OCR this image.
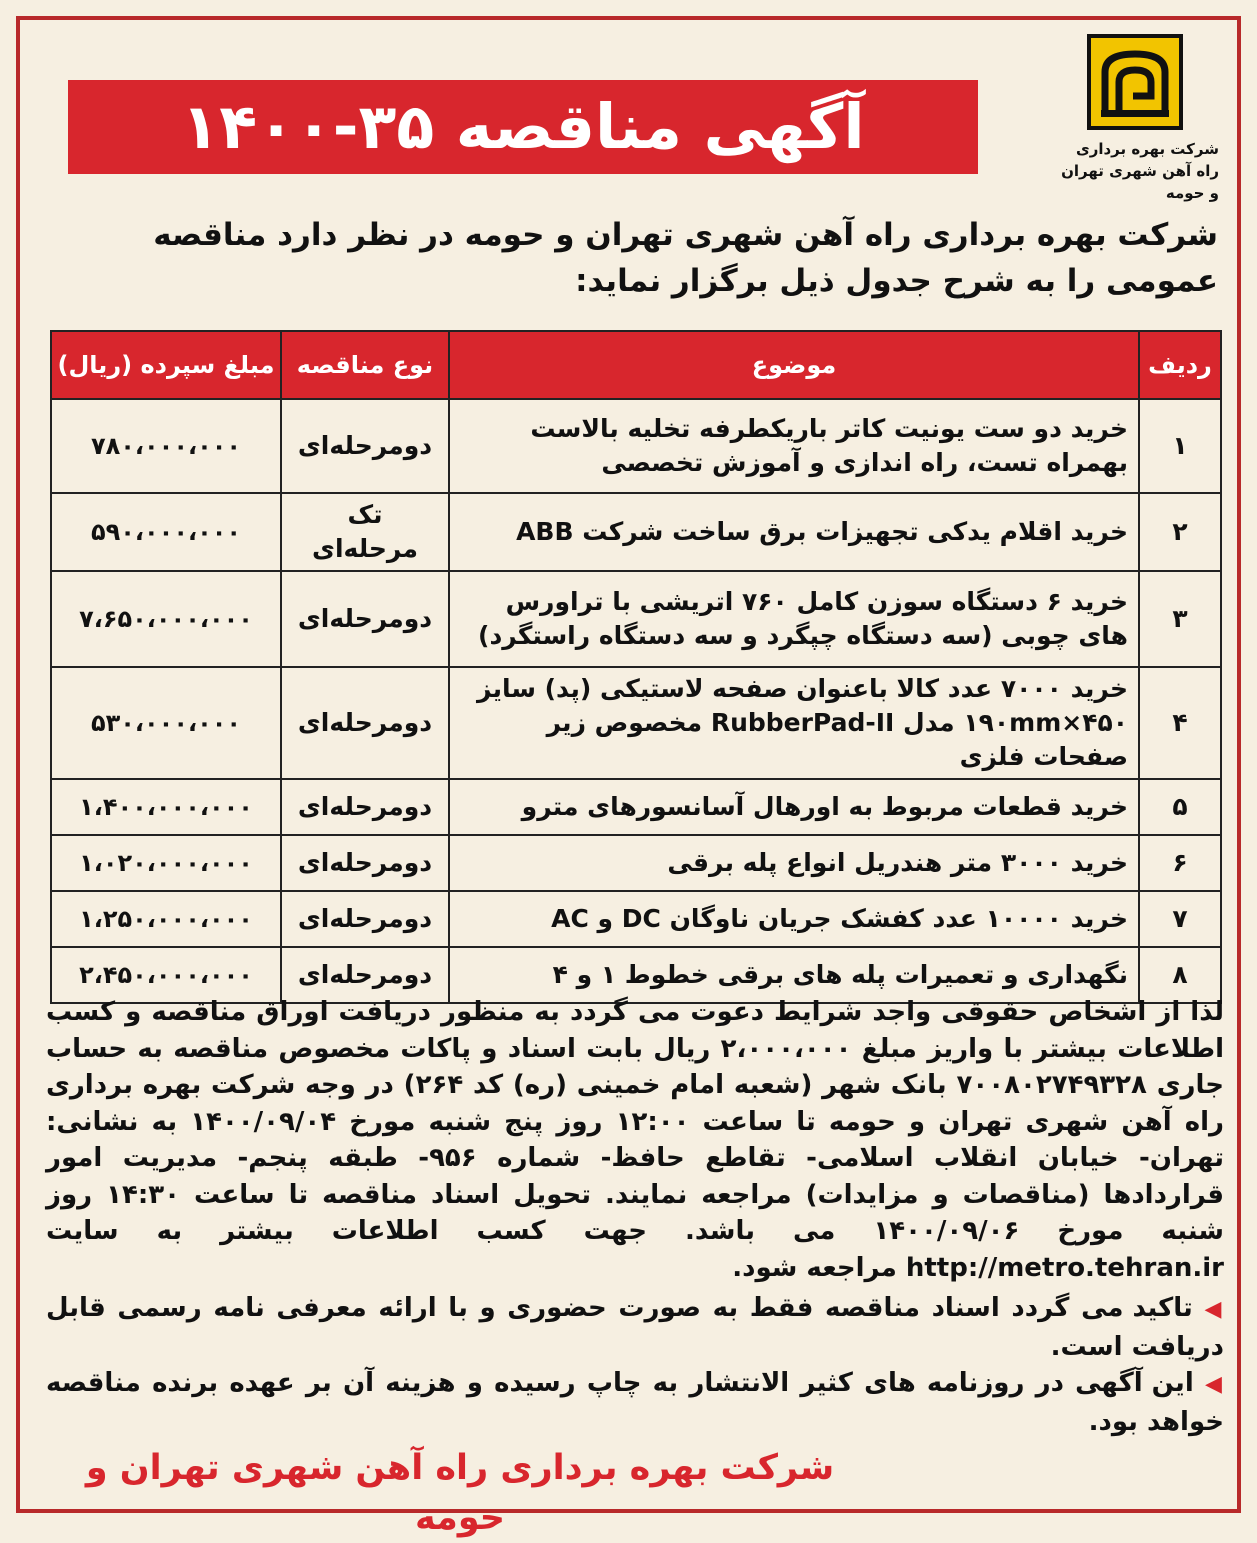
شرکت بهره برداری
راه آهن شهری تهران و حومه
آگهی مناقصه ۳۵-۱۴۰۰
شرکت بهره برداری راه آهن شهری تهران و حومه در نظر دارد مناقصه عمومی را به شرح جدول ذیل برگزار نماید:
ردیف	موضوع	نوع مناقصه	مبلغ سپرده (ریال)
۱	خرید دو ست یونیت کاتر باریکطرفه تخلیه بالاست بهمراه تست، راه اندازی و آموزش تخصصی	دومرحله‌ای	۷۸۰،۰۰۰،۰۰۰
۲	خرید اقلام یدکی تجهیزات برق ساخت شرکت ABB	تک مرحله‌ای	۵۹۰،۰۰۰،۰۰۰
۳	خرید ۶ دستگاه سوزن کامل ۷۶۰ اتریشی با تراورس های چوبی (سه دستگاه چپگرد و سه دستگاه راستگرد)	دومرحله‌ای	۷،۶۵۰،۰۰۰،۰۰۰
۴	خرید ۷۰۰۰ عدد کالا باعنوان صفحه لاستیکی (پد) سایز ۴۵۰×۱۹۰mm مدل RubberPad-II مخصوص زیر صفحات فلزی	دومرحله‌ای	۵۳۰،۰۰۰،۰۰۰
۵	خرید قطعات مربوط به اورهال آسانسورهای مترو	دومرحله‌ای	۱،۴۰۰،۰۰۰،۰۰۰
۶	خرید ۳۰۰۰ متر هندریل انواع پله برقی	دومرحله‌ای	۱،۰۲۰،۰۰۰،۰۰۰
۷	خرید ۱۰۰۰۰ عدد کفشک جریان ناوگان DC و AC	دومرحله‌ای	۱،۲۵۰،۰۰۰،۰۰۰
۸	نگهداری و تعمیرات پله های برقی خطوط ۱ و ۴	دومرحله‌ای	۲،۴۵۰،۰۰۰،۰۰۰
لذا از اشخاص حقوقی واجد شرایط دعوت می گردد به منظور دریافت اوراق مناقصه و کسب اطلاعات بیشتر با واریز مبلغ ۲،۰۰۰،۰۰۰ ریال بابت اسناد و پاکات مخصوص مناقصه به حساب جاری ۷۰۰۸۰۲۷۴۹۳۲۸ بانک شهر (شعبه امام خمینی (ره) کد ۲۶۴) در وجه شرکت بهره برداری راه آهن شهری تهران و حومه تا ساعت ۱۲:۰۰ روز پنج شنبه مورخ ۱۴۰۰/۰۹/۰۴ به نشانی: تهران- خیابان انقلاب اسلامی- تقاطع حافظ- شماره ۹۵۶- طبقه پنجم- مدیریت امور قراردادها (مناقصات و مزایدات) مراجعه نمایند. تحویل اسناد مناقصه تا ساعت ۱۴:۳۰ روز شنبه مورخ ۱۴۰۰/۰۹/۰۶ می باشد. جهت کسب اطلاعات بیشتر به سایت http://metro.tehran.ir مراجعه شود.
◀ تاکید می گردد اسناد مناقصه فقط به صورت حضوری و با ارائه معرفی نامه رسمی قابل دریافت است.
◀ این آگهی در روزنامه های کثیر الانتشار به چاپ رسیده و هزینه آن بر عهده برنده مناقصه خواهد بود.
شرکت بهره برداری راه آهن شهری تهران و حومه
